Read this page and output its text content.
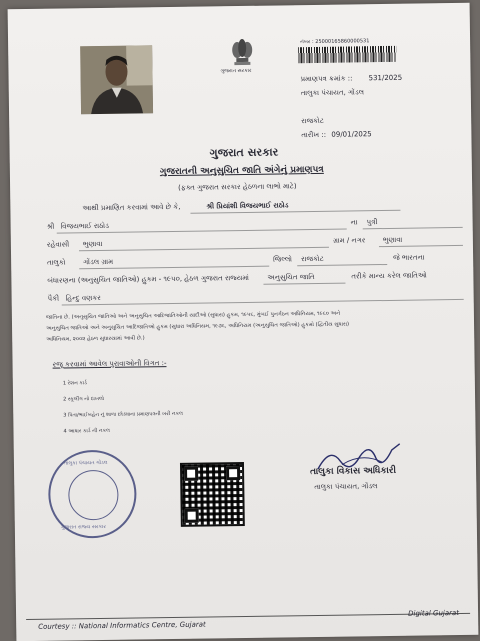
ગુજરાત સરકાર
નંબર : 25000165860000531
પ્રમાણપત્ર ક્રમાંક :: 531/2025
તાલુકા પંચાયત, ગોંડલ
રાજકોટ
તારીખ :: 09/01/2025
ગુજરાત સરકાર
ગુજરાતની અનુસુચિત જાતિ અંગેનું પ્રમાણપત્ર
(ફક્ત ગુજરાત સરકાર હેઠળના લાભો માટે)
આથી પ્રમાણિત કરવામાં આવે છે કે,	શ્રી પ્રિયાંશી વિજયભાઈ રાઠોડ
શ્રી વિજયભાઈ રાઠોડ	ના પુત્રી
રહેવાસી ભુણાવા	ગ્રામ / નગર ભુણાવા
તાલુકો	ગોંડલ ગ્રામ	જિલ્લો રાજકોટ	જે ભારતના
બંધારણના (અનુસુચિત જાતિઓ) હુકમ - ૧૯૫૦, હેઠળ ગુજરાત રાજ્યમાં	અનુસુચિત જાતિ	તરીકે માન્ય કરેલ જાતિઓ
પૈકી હિન્દુ વણકર
જાતિના છે. (અનુસુચિત જાતિઓ અને અનુસુચિત આદિજાતિઓની યાદીઓ (સુધારા) હુકમ, ૧૯૫૬, મુંબઈ પુનર્ગઠન અધિનિયમ, ૧૯૬૦ અને
અનુસુચિત જાતિઓ અને અનુસુચિત આદિજાતિઓ હુકમ (સુધારા અધિનિયમ, ૧૯૭૬, અધિનિયમ (અનુસુચિત જાતિઓ) હુકમો (દ્વિતીય સુધારા)
અધિનિયમ, ૨૦૦૨ હેઠળ સુધારયામાં આવી છે.)
રજૂ કરવામાં આવેલ પુરાવાઓની વિગત :-
1 રેશન કાર્ડ
2 સ્કૂલીંગ નો દાખલો
3 પિતા/ભાઈબહેન નું શાળા છોડ્યાના પ્રમાણપત્રની ખરી નકલ
4 આધાર કાર્ડ ની નકલ
તાલુકા પંચાયત ગોંડલ
ગુજરાત રાજ્ય સરકાર
તાલુકા વિકાસ અધિકારી
તાલુકા પંચાયત, ગોંડલ
Courtesy :: National Informatics Centre, Gujarat
Digital Gujarat
